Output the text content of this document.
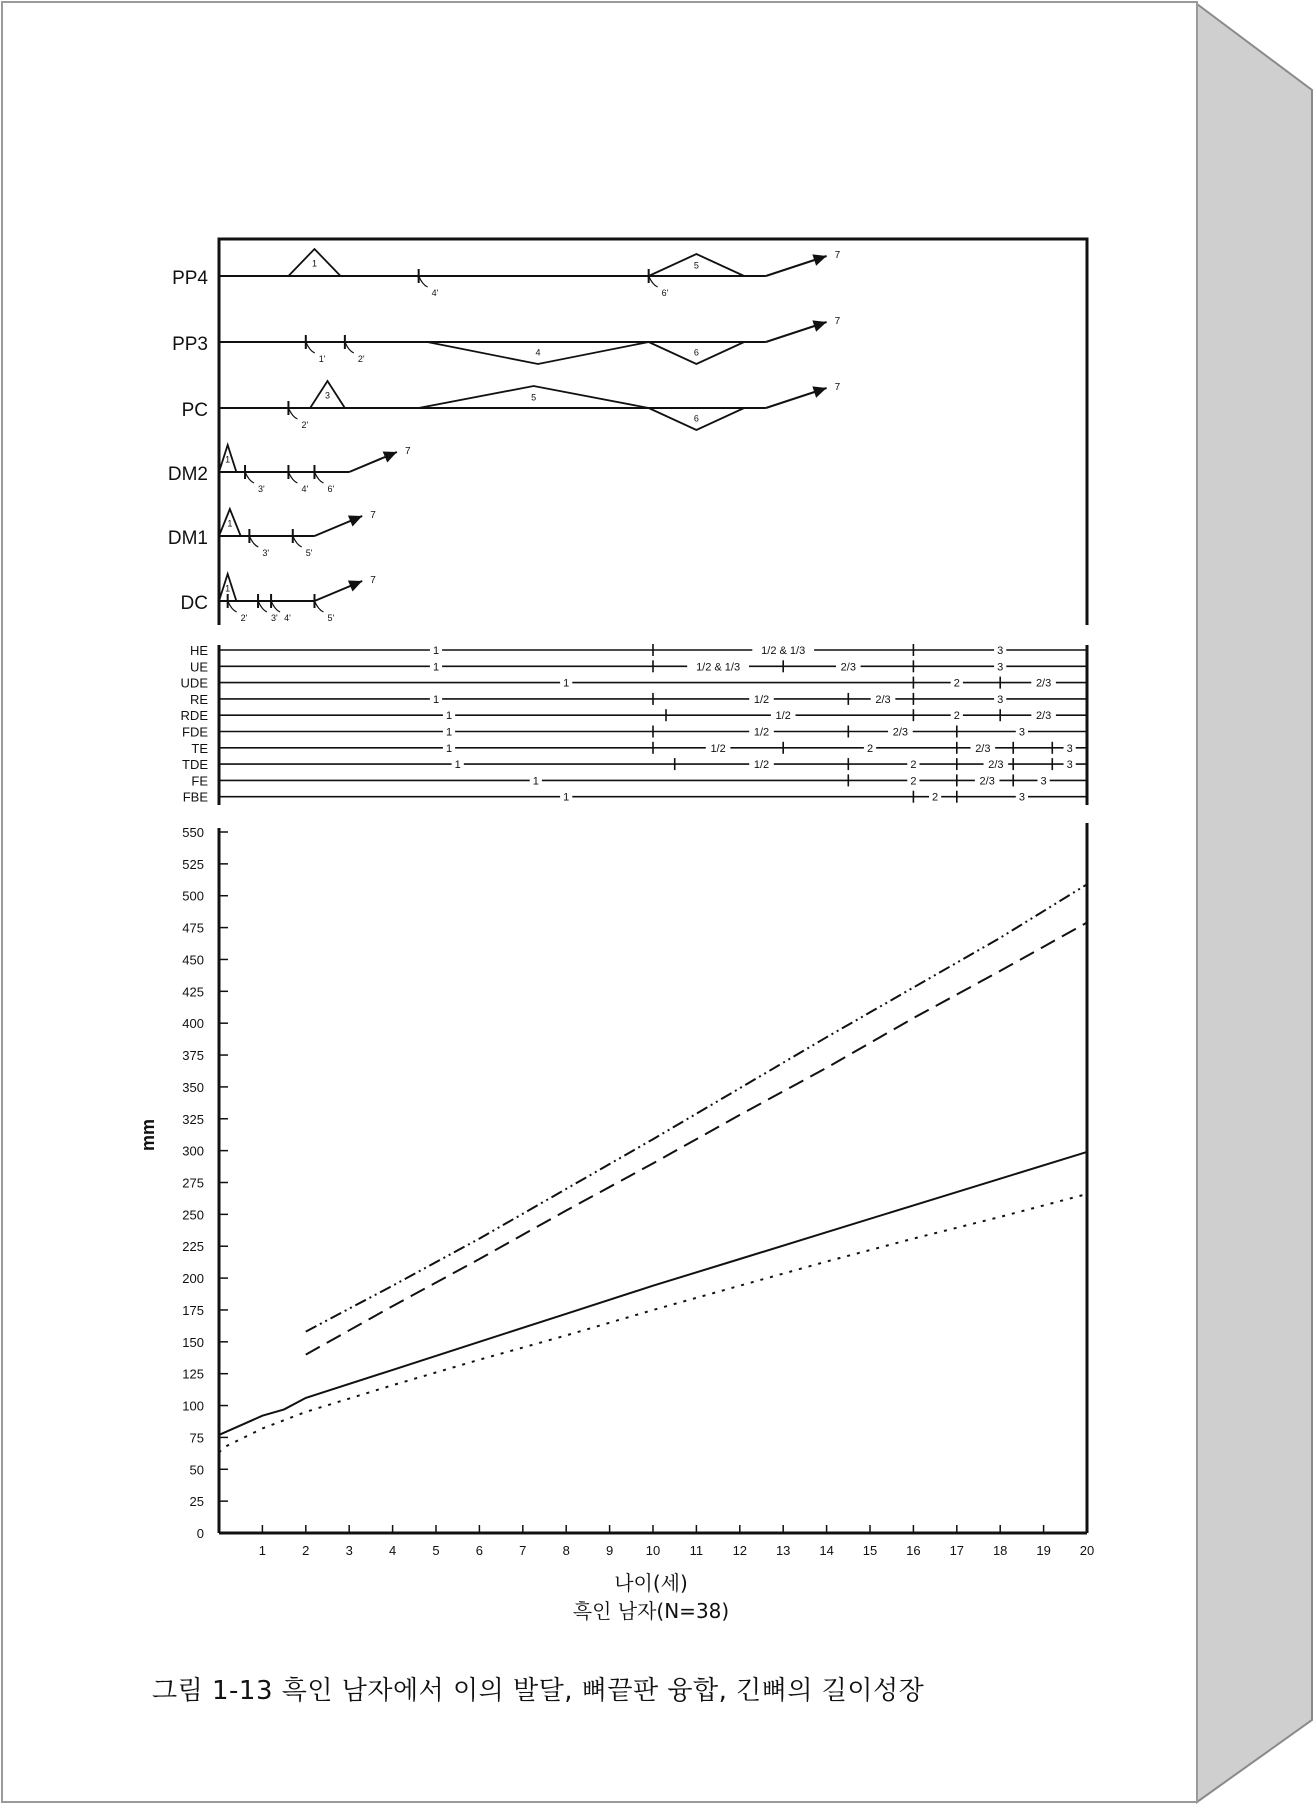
PP4
1
4'	6'
5
7
PP3
1'	2'
4	6
7
PC
2'
3	5
6
7
DM2
1
3'	4' 6'
7
DM1
1
3'	5'
7
DC
1
2'	3' 4'	5'
7
HE	1	1/2 & 1/3	3
UE	1	1/2 & 1/3	2/3	3
UDE	1	2	2/3
RE	1	1/2	2/3	3
RDE	1	1/2	2	2/3
FDE	1	1/2	2/3	3
TE	1	1/2	2	2/3	3
TDE	1	1/2	2	2/3	3
FE	1	2	2/3	3
FBE	1	2	3
0
25
50
75
100
125
150
175
200
225
250
275
300
325
350
375
400
425
450
475
500
525
550
1	2	3	4	5	6	7	8	9	10 11 12 13 14 15 16 17 18 19 20
mm
나이(세)
흑인 남자(N=38)
그림 1-13 흑인 남자에서 이의 발달, 뼈끝판 융합, 긴뼈의 길이성장
